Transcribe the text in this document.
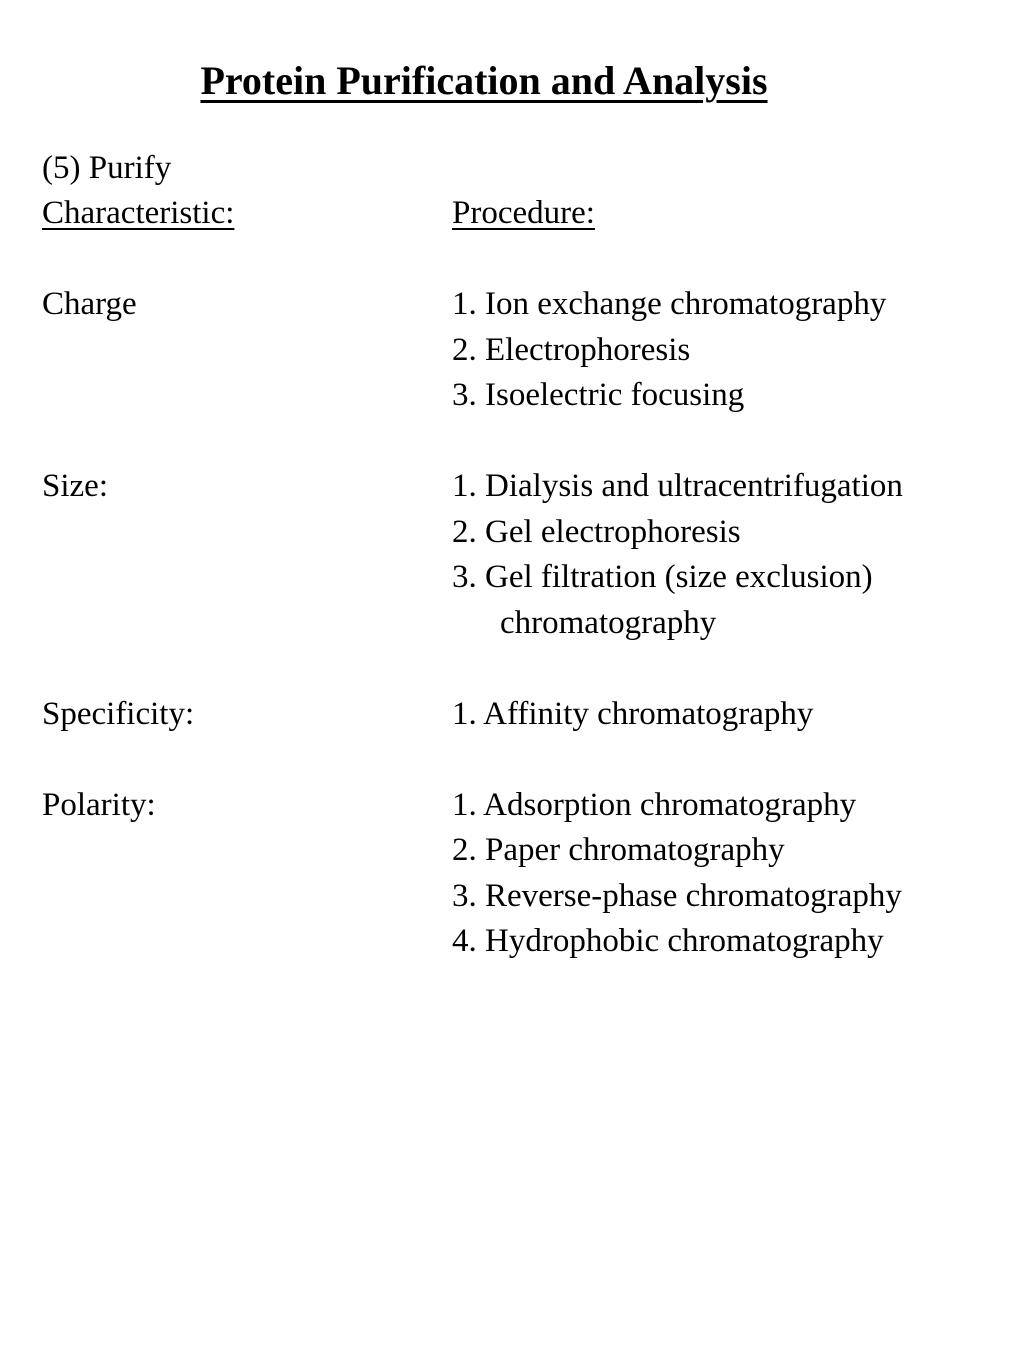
Protein Purification and Analysis
(5) Purify
Characteristic:	Procedure:
Charge	1. Ion exchange chromatography
2. Electrophoresis
3. Isoelectric focusing
Size:	1. Dialysis and ultracentrifugation
2. Gel electrophoresis
3. Gel filtration (size exclusion)
chromatography
Specificity:	1. Affinity chromatography
Polarity:	1. Adsorption chromatography
2. Paper chromatography
3. Reverse-phase chromatography
4. Hydrophobic chromatography
